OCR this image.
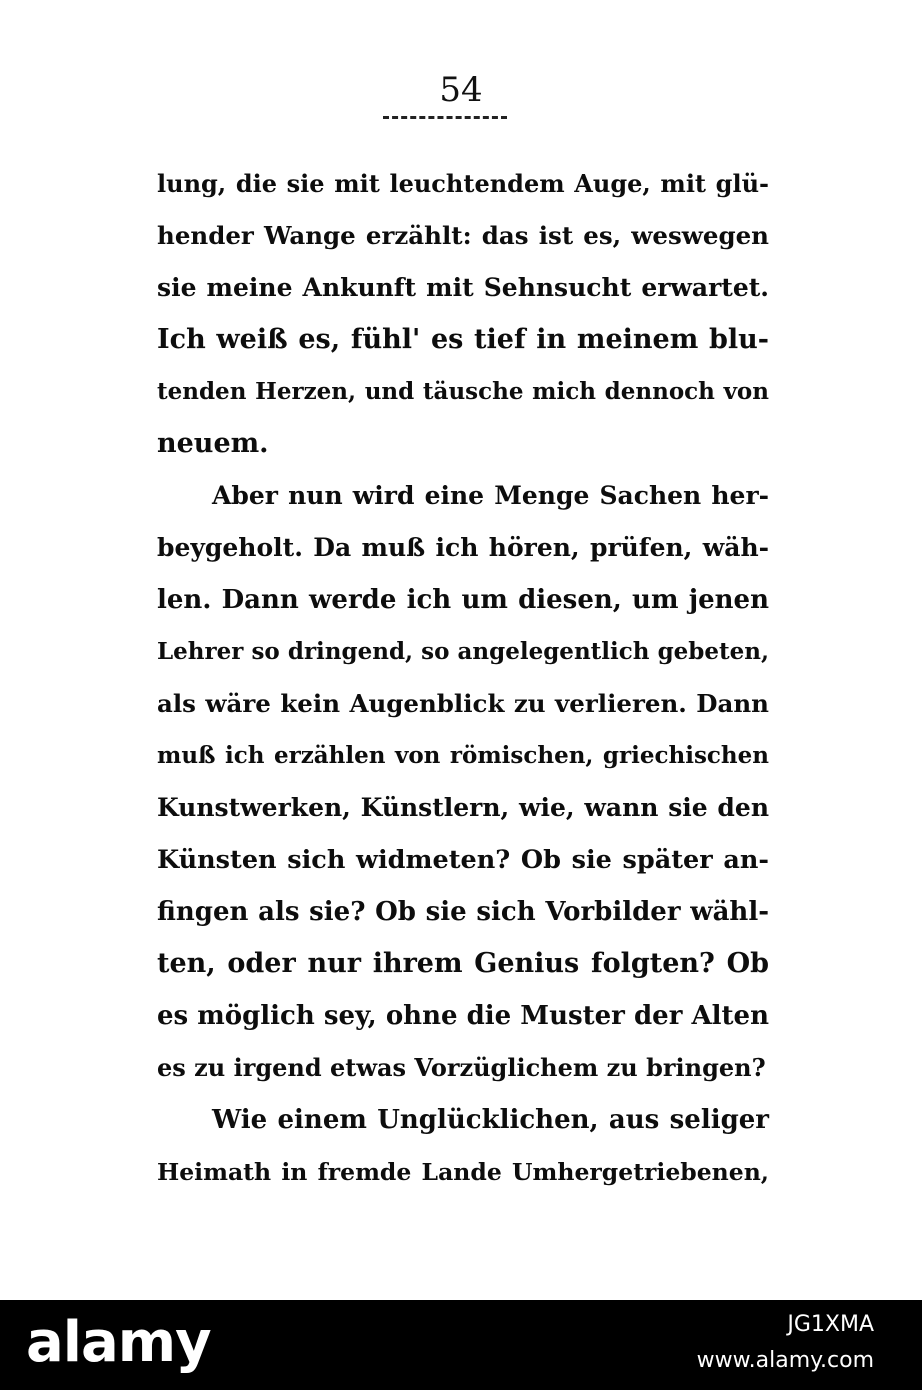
54
lung, die sie mit leuchtendem Auge, mit glü-
hender Wange erzählt: das ist es, weswegen
sie meine Ankunft mit Sehnsucht erwartet.
Ich weiß es, fühl' es tief in meinem blu-
tenden Herzen, und täusche mich dennoch von
neuem.
Aber nun wird eine Menge Sachen her-
beygeholt. Da muß ich hören, prüfen, wäh-
len. Dann werde ich um diesen, um jenen
Lehrer so dringend, so angelegentlich gebeten,
als wäre kein Augenblick zu verlieren. Dann
muß ich erzählen von römischen, griechischen
Kunstwerken, Künstlern, wie, wann sie den
Künsten sich widmeten? Ob sie später an-
fingen als sie? Ob sie sich Vorbilder wähl-
ten, oder nur ihrem Genius folgten? Ob
es möglich sey, ohne die Muster der Alten
es zu irgend etwas Vorzüglichem zu bringen?
Wie einem Unglücklichen, aus seliger
Heimath in fremde Lande Umhergetriebenen,
alamy	JG1XMA
www.alamy.com
